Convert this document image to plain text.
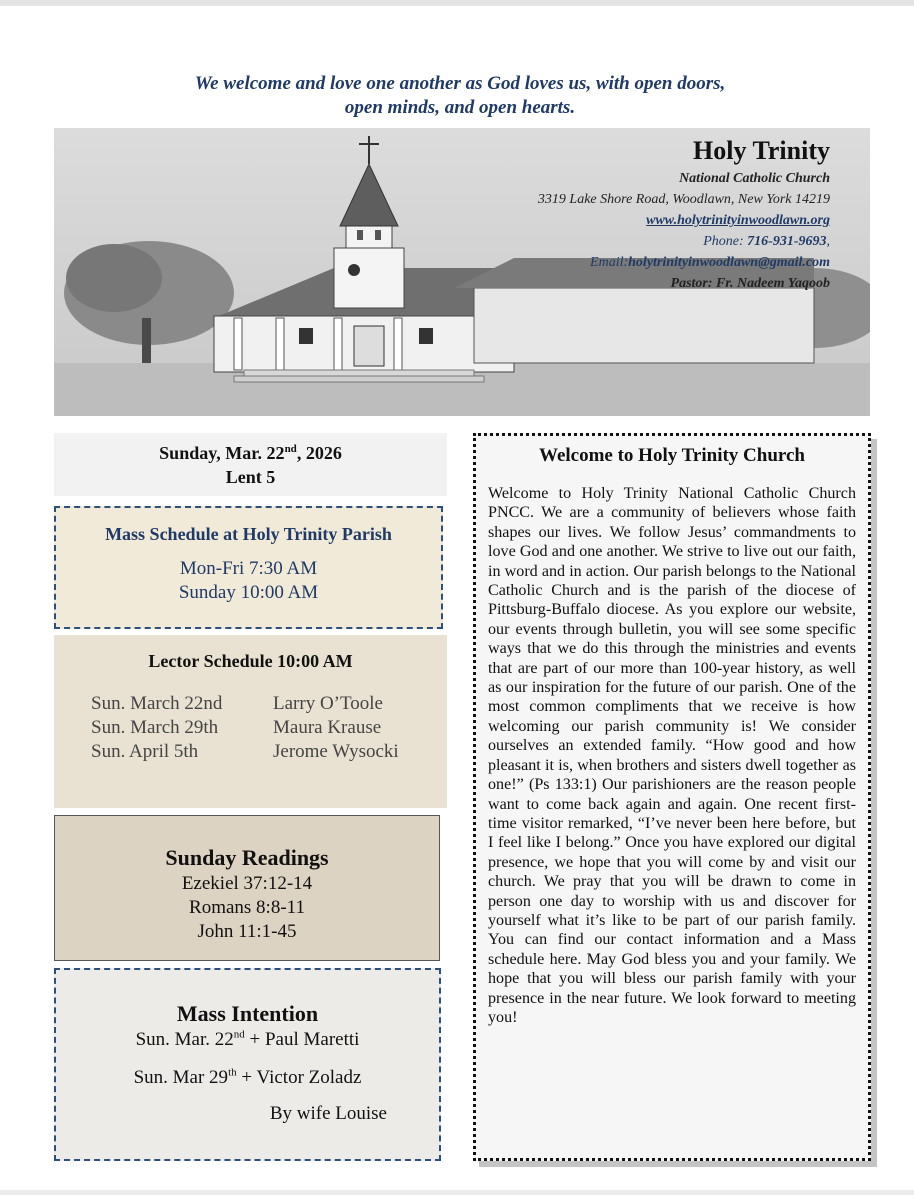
We welcome and love one another as God loves us, with open doors,
open minds, and open hearts.
Holy Trinity
National Catholic Church
3319 Lake Shore Road, Woodlawn, New York 14219
www.holytrinityinwoodlawn.org
Phone: 716-931-9693,
Email:holytrinityinwoodlawn@gmail.com
Pastor: Fr. Nadeem Yaqoob
Sunday, Mar. 22nd, 2026
Lent 5
Mass Schedule at Holy Trinity Parish
Mon-Fri 7:30 AM
Sunday 10:00 AM
Lector Schedule 10:00 AM
Sun. March 22nd	Larry O’Toole
Sun. March 29th	Maura Krause
Sun. April 5th	Jerome Wysocki
Sunday Readings
Ezekiel 37:12-14
Romans 8:8-11
John 11:1-45
Mass Intention
Sun. Mar. 22nd + Paul Maretti
Sun. Mar 29th + Victor Zoladz
By wife Louise
Welcome to Holy Trinity Church
Welcome to Holy Trinity National Catholic Church PNCC. We are a community of believers whose faith shapes our lives. We follow Jesus’ commandments to love God and one another. We strive to live out our faith, in word and in action. Our parish belongs to the National Catholic Church and is the parish of the diocese of Pittsburg-Buffalo diocese. As you explore our website, our events through bulletin, you will see some specific ways that we do this through the ministries and events that are part of our more than 100-year history, as well as our inspiration for the future of our parish. One of the most common compliments that we receive is how welcoming our parish community is! We consider ourselves an extended family. “How good and how pleasant it is, when brothers and sisters dwell together as one!” (Ps 133:1) Our parishioners are the reason people want to come back again and again. One recent first-time visitor remarked, “I’ve never been here before, but I feel like I belong.” Once you have explored our digital presence, we hope that you will come by and visit our church. We pray that you will be drawn to come in person one day to worship with us and discover for yourself what it’s like to be part of our parish family. You can find our contact information and a Mass schedule here. May God bless you and your family. We hope that you will bless our parish family with your presence in the near future. We look forward to meeting you!
